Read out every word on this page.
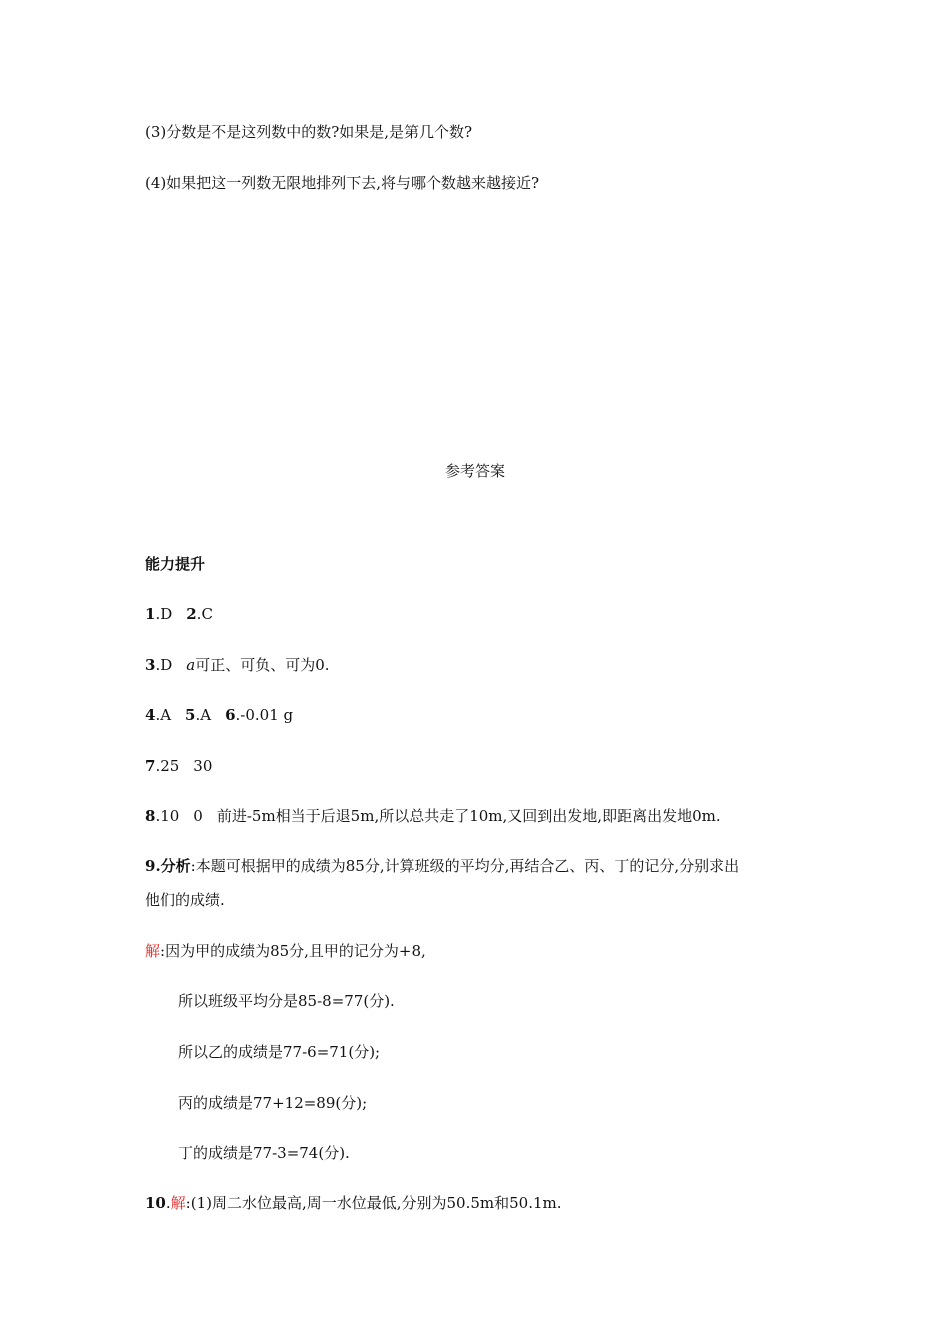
(3)分数是不是这列数中的数?如果是,是第几个数?
(4)如果把这一列数无限地排列下去,将与哪个数越来越接近?
参考答案
能力提升
1.D 2.C
3.D a可正、可负、可为0.
4.A 5.A 6.-0.01 g
7.25 30
8.10 0 前进-5m相当于后退5m,所以总共走了10m,又回到出发地,即距离出发地0m.
9.分析:本题可根据甲的成绩为85分,计算班级的平均分,再结合乙、丙、丁的记分,分别求出
他们的成绩.
解:因为甲的成绩为85分,且甲的记分为+8,
所以班级平均分是85-8=77(分).
所以乙的成绩是77-6=71(分);
丙的成绩是77+12=89(分);
丁的成绩是77-3=74(分).
10.解:(1)周二水位最高,周一水位最低,分别为50.5m和50.1m.
